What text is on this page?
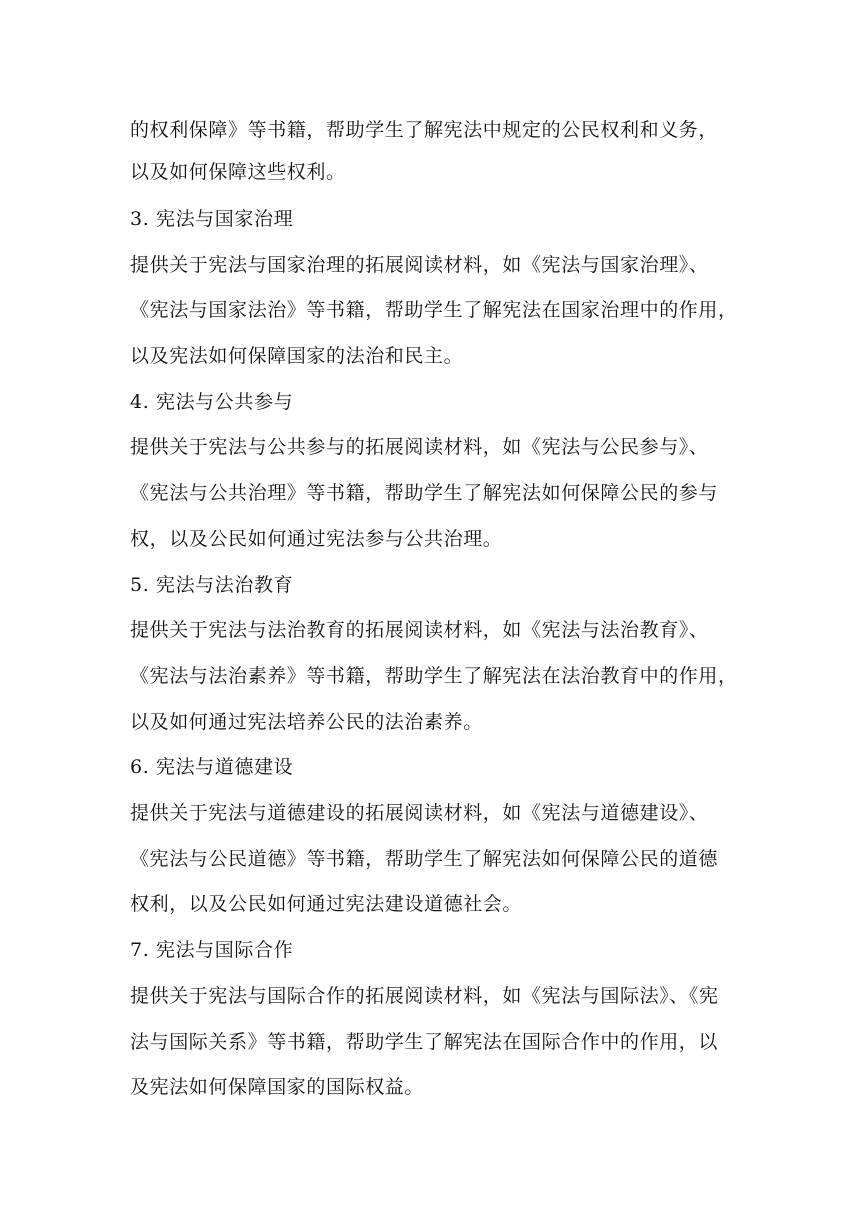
的权利保障》等书籍，帮助学生了解宪法中规定的公民权利和义务，
以及如何保障这些权利。
3. 宪法与国家治理
提供关于宪法与国家治理的拓展阅读材料，如《宪法与国家治理》、
《宪法与国家法治》等书籍，帮助学生了解宪法在国家治理中的作用，
以及宪法如何保障国家的法治和民主。
4. 宪法与公共参与
提供关于宪法与公共参与的拓展阅读材料，如《宪法与公民参与》、
《宪法与公共治理》等书籍，帮助学生了解宪法如何保障公民的参与
权，以及公民如何通过宪法参与公共治理。
5. 宪法与法治教育
提供关于宪法与法治教育的拓展阅读材料，如《宪法与法治教育》、
《宪法与法治素养》等书籍，帮助学生了解宪法在法治教育中的作用，
以及如何通过宪法培养公民的法治素养。
6. 宪法与道德建设
提供关于宪法与道德建设的拓展阅读材料，如《宪法与道德建设》、
《宪法与公民道德》等书籍，帮助学生了解宪法如何保障公民的道德
权利，以及公民如何通过宪法建设道德社会。
7. 宪法与国际合作
提供关于宪法与国际合作的拓展阅读材料，如《宪法与国际法》、《宪
法与国际关系》等书籍，帮助学生了解宪法在国际合作中的作用，以
及宪法如何保障国家的国际权益。
